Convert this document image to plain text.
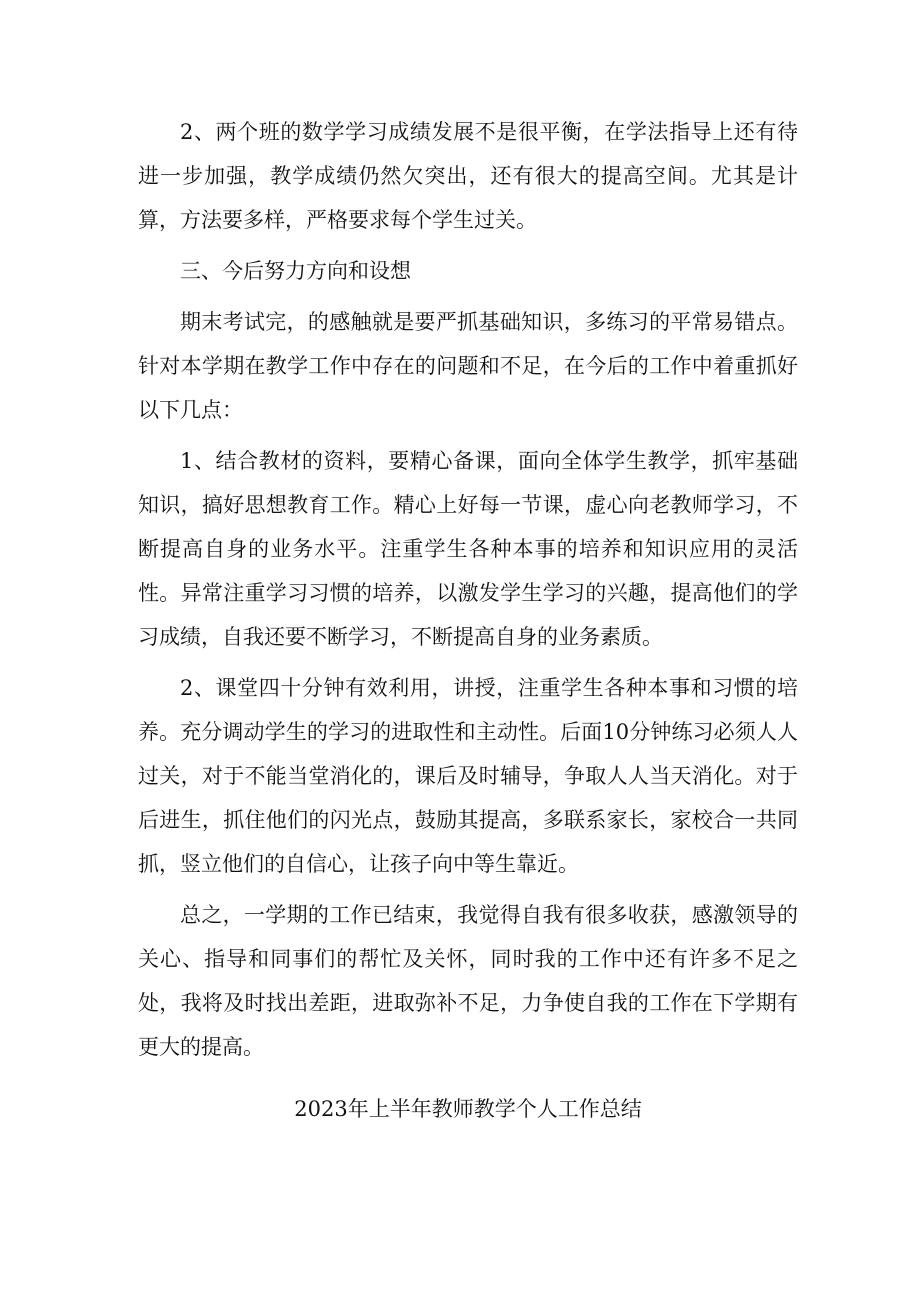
2、两个班的数学学习成绩发展不是很平衡，在学法指导上还有待进一步加强，教学成绩仍然欠突出，还有很大的提高空间。尤其是计算，方法要多样，严格要求每个学生过关。

三、今后努力方向和设想

期末考试完，的感触就是要严抓基础知识，多练习的平常易错点。针对本学期在教学工作中存在的问题和不足，在今后的工作中着重抓好以下几点：

1、结合教材的资料，要精心备课，面向全体学生教学，抓牢基础知识，搞好思想教育工作。精心上好每一节课，虚心向老教师学习，不断提高自身的业务水平。注重学生各种本事的培养和知识应用的灵活性。异常注重学习习惯的培养，以激发学生学习的兴趣，提高他们的学习成绩，自我还要不断学习，不断提高自身的业务素质。

2、课堂四十分钟有效利用，讲授，注重学生各种本事和习惯的培养。充分调动学生的学习的进取性和主动性。后面10分钟练习必须人人过关，对于不能当堂消化的，课后及时辅导，争取人人当天消化。对于后进生，抓住他们的闪光点，鼓励其提高，多联系家长，家校合一共同抓，竖立他们的自信心，让孩子向中等生靠近。

总之，一学期的工作已结束，我觉得自我有很多收获，感激领导的关心、指导和同事们的帮忙及关怀，同时我的工作中还有许多不足之处，我将及时找出差距，进取弥补不足，力争使自我的工作在下学期有更大的提高。

2023年上半年教师教学个人工作总结
